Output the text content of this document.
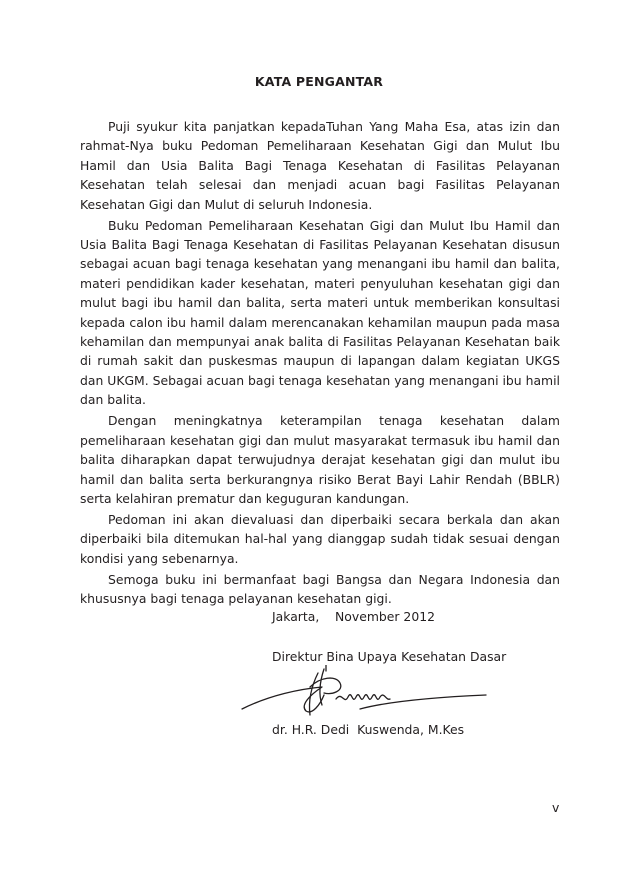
KATA PENGANTAR

Puji syukur kita panjatkan kepadaTuhan Yang Maha Esa, atas izin dan rahmat-Nya buku Pedoman Pemeliharaan Kesehatan Gigi dan Mulut Ibu Hamil dan Usia Balita Bagi Tenaga Kesehatan di Fasilitas Pelayanan Kesehatan telah selesai dan menjadi acuan bagi Fasilitas Pelayanan Kesehatan Gigi dan Mulut di seluruh Indonesia.

Buku Pedoman Pemeliharaan Kesehatan Gigi dan Mulut Ibu Hamil dan Usia Balita Bagi Tenaga Kesehatan di Fasilitas Pelayanan Kesehatan disusun sebagai acuan bagi tenaga kesehatan yang menangani ibu hamil dan balita, materi pendidikan kader kesehatan, materi penyuluhan kesehatan gigi dan mulut bagi ibu hamil dan balita, serta materi untuk memberikan konsultasi kepada calon ibu hamil dalam merencanakan kehamilan maupun pada masa kehamilan dan mempunyai anak balita di Fasilitas Pelayanan Kesehatan baik di rumah sakit dan puskesmas maupun di lapangan dalam kegiatan UKGS dan UKGM. Sebagai acuan bagi tenaga kesehatan yang menangani ibu hamil dan balita.

Dengan meningkatnya keterampilan tenaga kesehatan dalam pemeliharaan kesehatan gigi dan mulut masyarakat termasuk ibu hamil dan balita diharapkan dapat terwujudnya derajat kesehatan gigi dan mulut ibu hamil dan balita serta berkurangnya risiko Berat Bayi Lahir Rendah (BBLR) serta kelahiran prematur dan keguguran kandungan.

Pedoman ini akan dievaluasi dan diperbaiki secara berkala dan akan diperbaiki bila ditemukan hal-hal yang dianggap sudah tidak sesuai dengan kondisi yang sebenarnya.

Semoga buku ini bermanfaat bagi Bangsa dan Negara Indonesia dan khususnya bagi tenaga pelayanan kesehatan gigi.

Jakarta,    November 2012
Direktur Bina Upaya Kesehatan Dasar
dr. H.R. Dedi  Kuswenda, M.Kes
v
